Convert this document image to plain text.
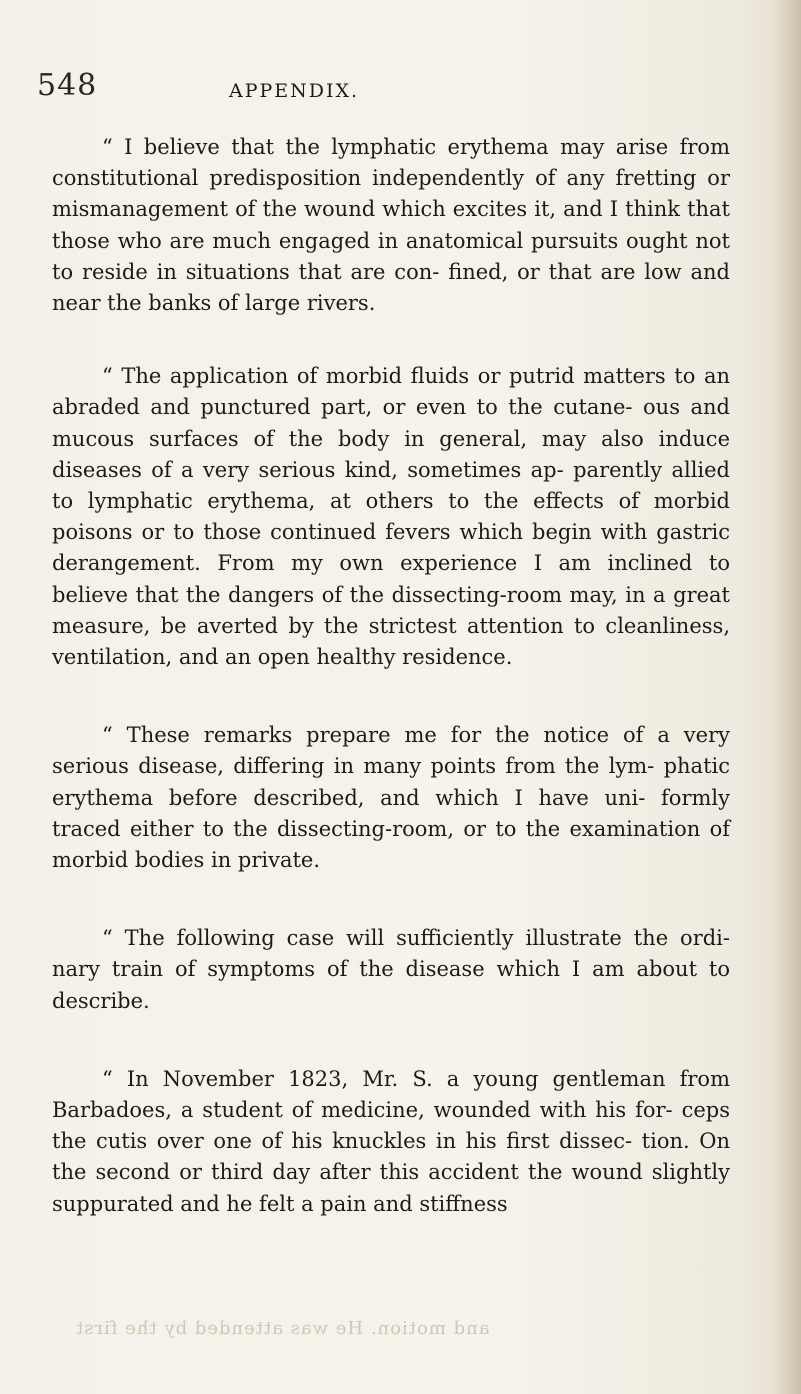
548	APPENDIX.

“ I believe that the lymphatic erythema may arise from constitutional predisposition independently of any fretting or mismanagement of the wound which excites it, and I think that those who are much engaged in anatomical pursuits ought not to reside in situations that are con- fined, or that are low and near the banks of large rivers.

“ The application of morbid fluids or putrid matters to an abraded and punctured part, or even to the cutane- ous and mucous surfaces of the body in general, may also induce diseases of a very serious kind, sometimes ap- parently allied to lymphatic erythema, at others to the effects of morbid poisons or to those continued fevers which begin with gastric derangement. From my own experience I am inclined to believe that the dangers of the dissecting-room may, in a great measure, be averted by the strictest attention to cleanliness, ventilation, and an open healthy residence.

“ These remarks prepare me for the notice of a very serious disease, differing in many points from the lym- phatic erythema before described, and which I have uni- formly traced either to the dissecting-room, or to the examination of morbid bodies in private.

“ The following case will sufficiently illustrate the ordi- nary train of symptoms of the disease which I am about to describe.

“ In November 1823, Mr. S. a young gentleman from Barbadoes, a student of medicine, wounded with his for- ceps the cutis over one of his knuckles in his first dissec- tion. On the second or third day after this accident the wound slightly suppurated and he felt a pain and stiffness

and motion. He was attended by the first
